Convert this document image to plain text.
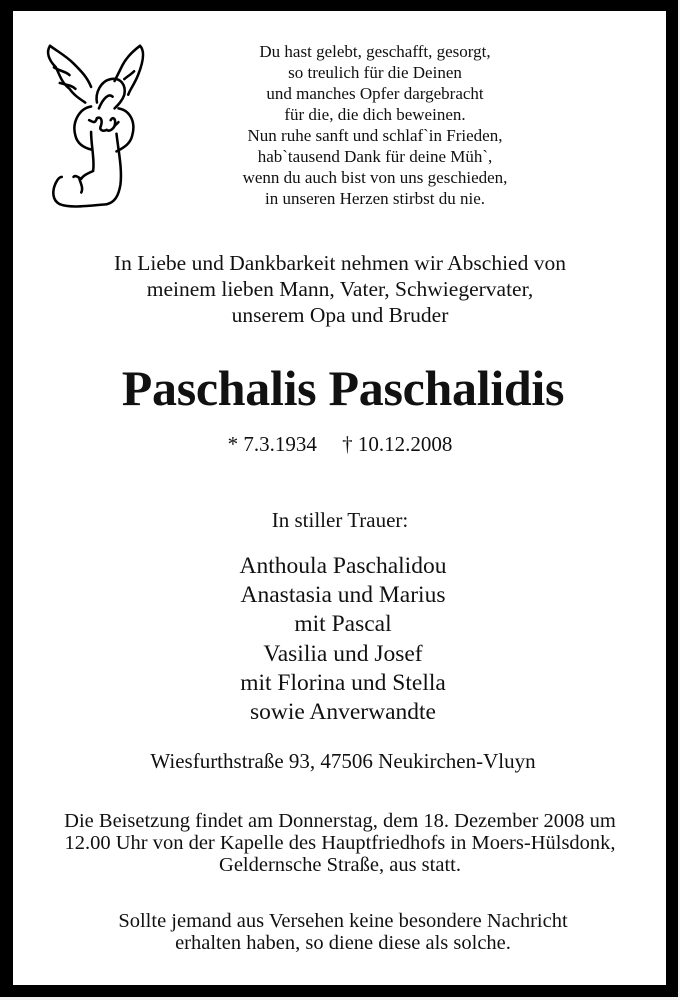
Du hast gelebt, geschafft, gesorgt,
so treulich für die Deinen
und manches Opfer dargebracht
für die, die dich beweinen.
Nun ruhe sanft und schlaf`in Frieden,
hab`tausend Dank für deine Müh`,
wenn du auch bist von uns geschieden,
in unseren Herzen stirbst du nie.
In Liebe und Dankbarkeit nehmen wir Abschied von
meinem lieben Mann, Vater, Schwiegervater,
unserem Opa und Bruder
Paschalis Paschalidis
* 7.3.1934 † 10.12.2008
In stiller Trauer:
Anthoula Paschalidou
Anastasia und Marius
mit Pascal
Vasilia und Josef
mit Florina und Stella
sowie Anverwandte
Wiesfurthstraße 93, 47506 Neukirchen-Vluyn
Die Beisetzung findet am Donnerstag, dem 18. Dezember 2008 um
12.00 Uhr von der Kapelle des Hauptfriedhofs in Moers-Hülsdonk,
Geldernsche Straße, aus statt.
Sollte jemand aus Versehen keine besondere Nachricht
erhalten haben, so diene diese als solche.
